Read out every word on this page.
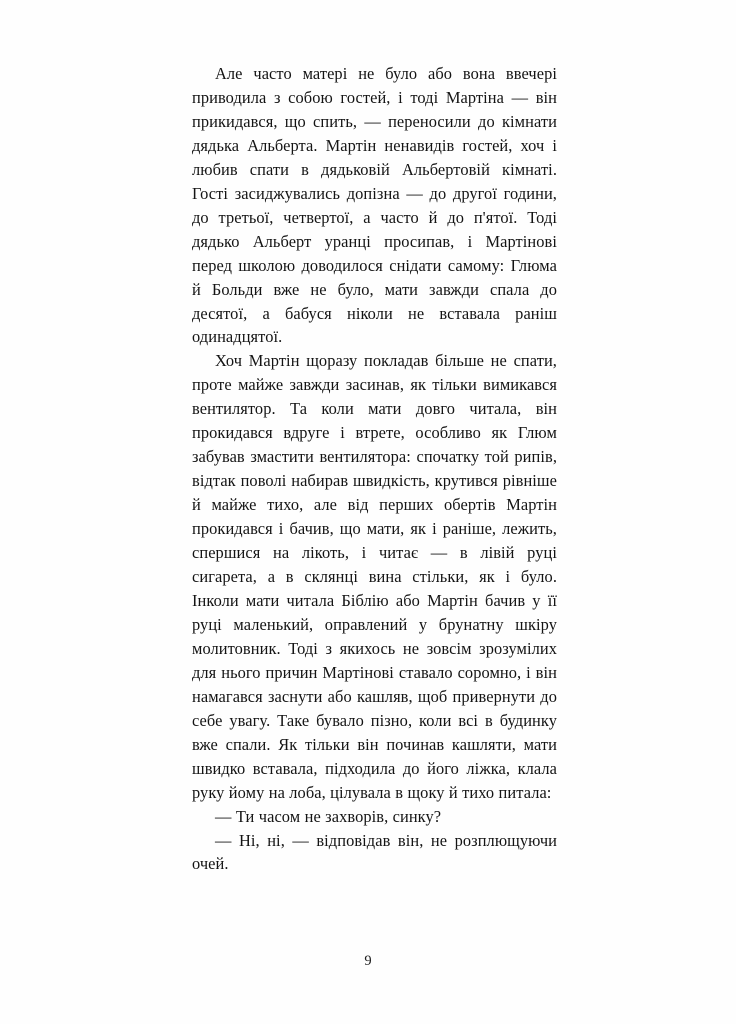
Але часто матері не було або вона ввечері приводила з собою гостей, і тоді Мартіна — він прикидався, що спить, — переносили до кімнати дядька Альберта. Мартін ненавидів гостей, хоч і любив спати в дядьковій Альбертовій кімнаті. Гості засиджувались допізна — до другої години, до третьої, четвертої, а часто й до п'ятої. Тоді дядько Альберт уранці просипав, і Мартінові перед школою доводилося снідати самому: Глюма й Больди вже не було, мати завжди спала до десятої, а бабуся ніколи не вставала раніш одинадцятої.

Хоч Мартін щоразу покладав більше не спати, проте майже завжди засинав, як тільки вимикався вентилятор. Та коли мати довго читала, він прокидався вдруге і втрете, особливо як Глюм забував змастити вентилятора: спочатку той рипів, відтак поволі набирав швидкість, крутився рівніше й майже тихо, але від перших обертів Мартін прокидався і бачив, що мати, як і раніше, лежить, спершися на лікоть, і читає — в лівій руці сигарета, а в склянці вина стільки, як і було. Інколи мати читала Біблію або Мартін бачив у її руці маленький, оправлений у брунатну шкіру молитовник. Тоді з якихось не зовсім зрозумілих для нього причин Мартінові ставало соромно, і він намагався заснути або кашляв, щоб привернути до себе увагу. Таке бувало пізно, коли всі в будинку вже спали. Як тільки він починав кашляти, мати швидко вставала, підходила до його ліжка, клала руку йому на лоба, цілувала в щоку й тихо питала:

— Ти часом не захворів, синку?

— Ні, ні, — відповідав він, не розплющуючи очей.

9
